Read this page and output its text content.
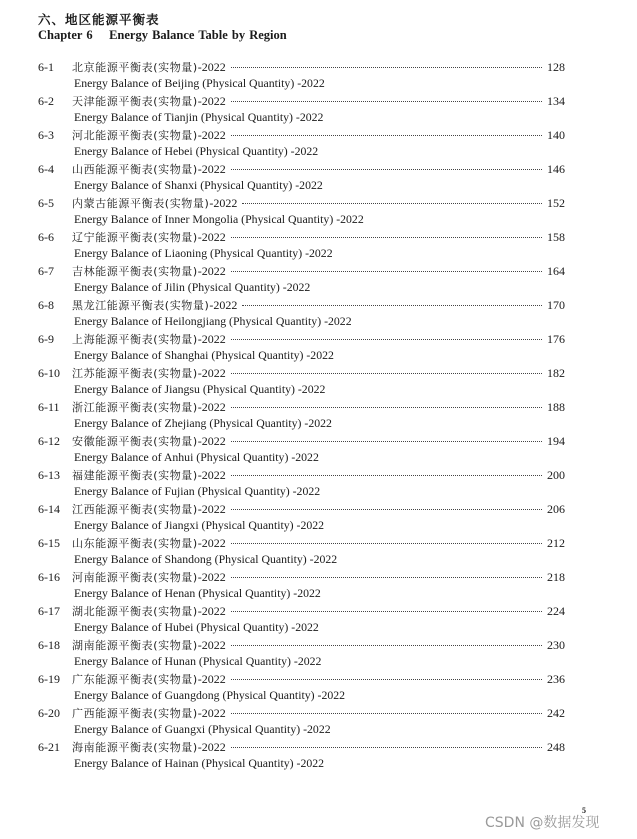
六、地区能源平衡表
Chapter 6    Energy Balance Table by Region
6-1	北京能源平衡表(实物量)-2022	128
Energy Balance of Beijing (Physical Quantity) -2022
6-2	天津能源平衡表(实物量)-2022	134
Energy Balance of Tianjin (Physical Quantity) -2022
6-3	河北能源平衡表(实物量)-2022	140
Energy Balance of Hebei (Physical Quantity) -2022
6-4	山西能源平衡表(实物量)-2022	146
Energy Balance of Shanxi (Physical Quantity) -2022
6-5	内蒙古能源平衡表(实物量)-2022	152
Energy Balance of Inner Mongolia (Physical Quantity) -2022
6-6	辽宁能源平衡表(实物量)-2022	158
Energy Balance of Liaoning (Physical Quantity) -2022
6-7	吉林能源平衡表(实物量)-2022	164
Energy Balance of Jilin (Physical Quantity) -2022
6-8	黑龙江能源平衡表(实物量)-2022	170
Energy Balance of Heilongjiang (Physical Quantity) -2022
6-9	上海能源平衡表(实物量)-2022	176
Energy Balance of Shanghai (Physical Quantity) -2022
6-10	江苏能源平衡表(实物量)-2022	182
Energy Balance of Jiangsu (Physical Quantity) -2022
6-11	浙江能源平衡表(实物量)-2022	188
Energy Balance of Zhejiang (Physical Quantity) -2022
6-12	安徽能源平衡表(实物量)-2022	194
Energy Balance of Anhui (Physical Quantity) -2022
6-13	福建能源平衡表(实物量)-2022	200
Energy Balance of Fujian (Physical Quantity) -2022
6-14	江西能源平衡表(实物量)-2022	206
Energy Balance of Jiangxi (Physical Quantity) -2022
6-15	山东能源平衡表(实物量)-2022	212
Energy Balance of Shandong (Physical Quantity) -2022
6-16	河南能源平衡表(实物量)-2022	218
Energy Balance of Henan (Physical Quantity) -2022
6-17	湖北能源平衡表(实物量)-2022	224
Energy Balance of Hubei (Physical Quantity) -2022
6-18	湖南能源平衡表(实物量)-2022	230
Energy Balance of Hunan (Physical Quantity) -2022
6-19	广东能源平衡表(实物量)-2022	236
Energy Balance of Guangdong (Physical Quantity) -2022
6-20	广西能源平衡表(实物量)-2022	242
Energy Balance of Guangxi (Physical Quantity) -2022
6-21	海南能源平衡表(实物量)-2022	248
Energy Balance of Hainan (Physical Quantity) -2022
5
CSDN @数据发现
